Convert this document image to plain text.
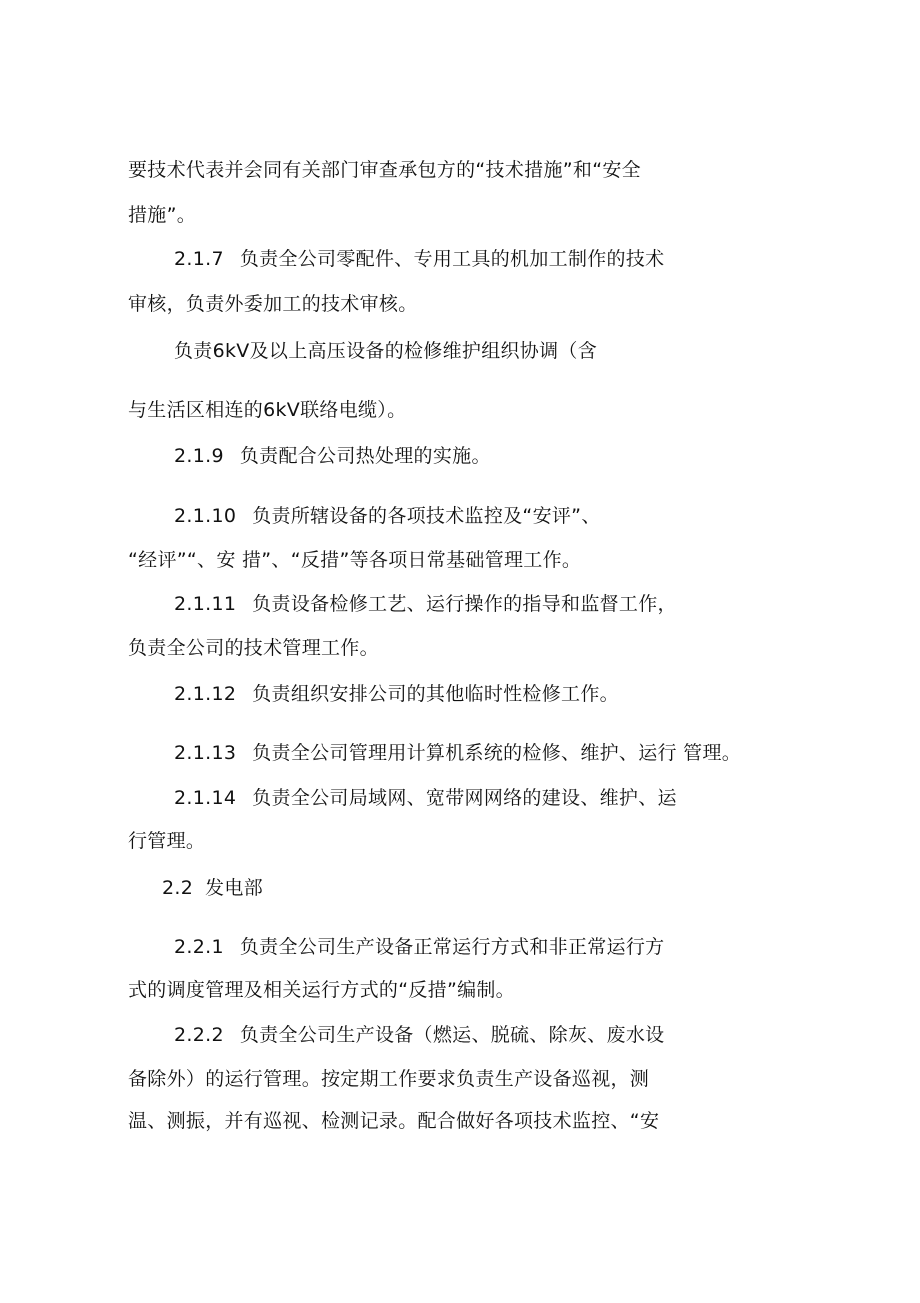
要技术代表并会同有关部门审查承包方的“技术措施”和“安全
措施”。
2.1.7 负责全公司零配件、专用工具的机加工制作的技术
审核，负责外委加工的技术审核。
负责6kV及以上高压设备的检修维护组织协调（含
与生活区相连的6kV联络电缆）。
2.1.9 负责配合公司热处理的实施。
2.1.10 负责所辖设备的各项技术监控及“安评”、
“经评”“、安 措”、“反措”等各项日常基础管理工作。
2.1.11 负责设备检修工艺、运行操作的指导和监督工作，
负责全公司的技术管理工作。
2.1.12 负责组织安排公司的其他临时性检修工作。
2.1.13 负责全公司管理用计算机系统的检修、维护、运行 管理。
2.1.14 负责全公司局域网、宽带网网络的建设、维护、运
行管理。
2.2 发电部
2.2.1 负责全公司生产设备正常运行方式和非正常运行方
式的调度管理及相关运行方式的“反措”编制。
2.2.2 负责全公司生产设备（燃运、脱硫、除灰、废水设
备除外）的运行管理。按定期工作要求负责生产设备巡视，测
温、测振，并有巡视、检测记录。配合做好各项技术监控、“安
